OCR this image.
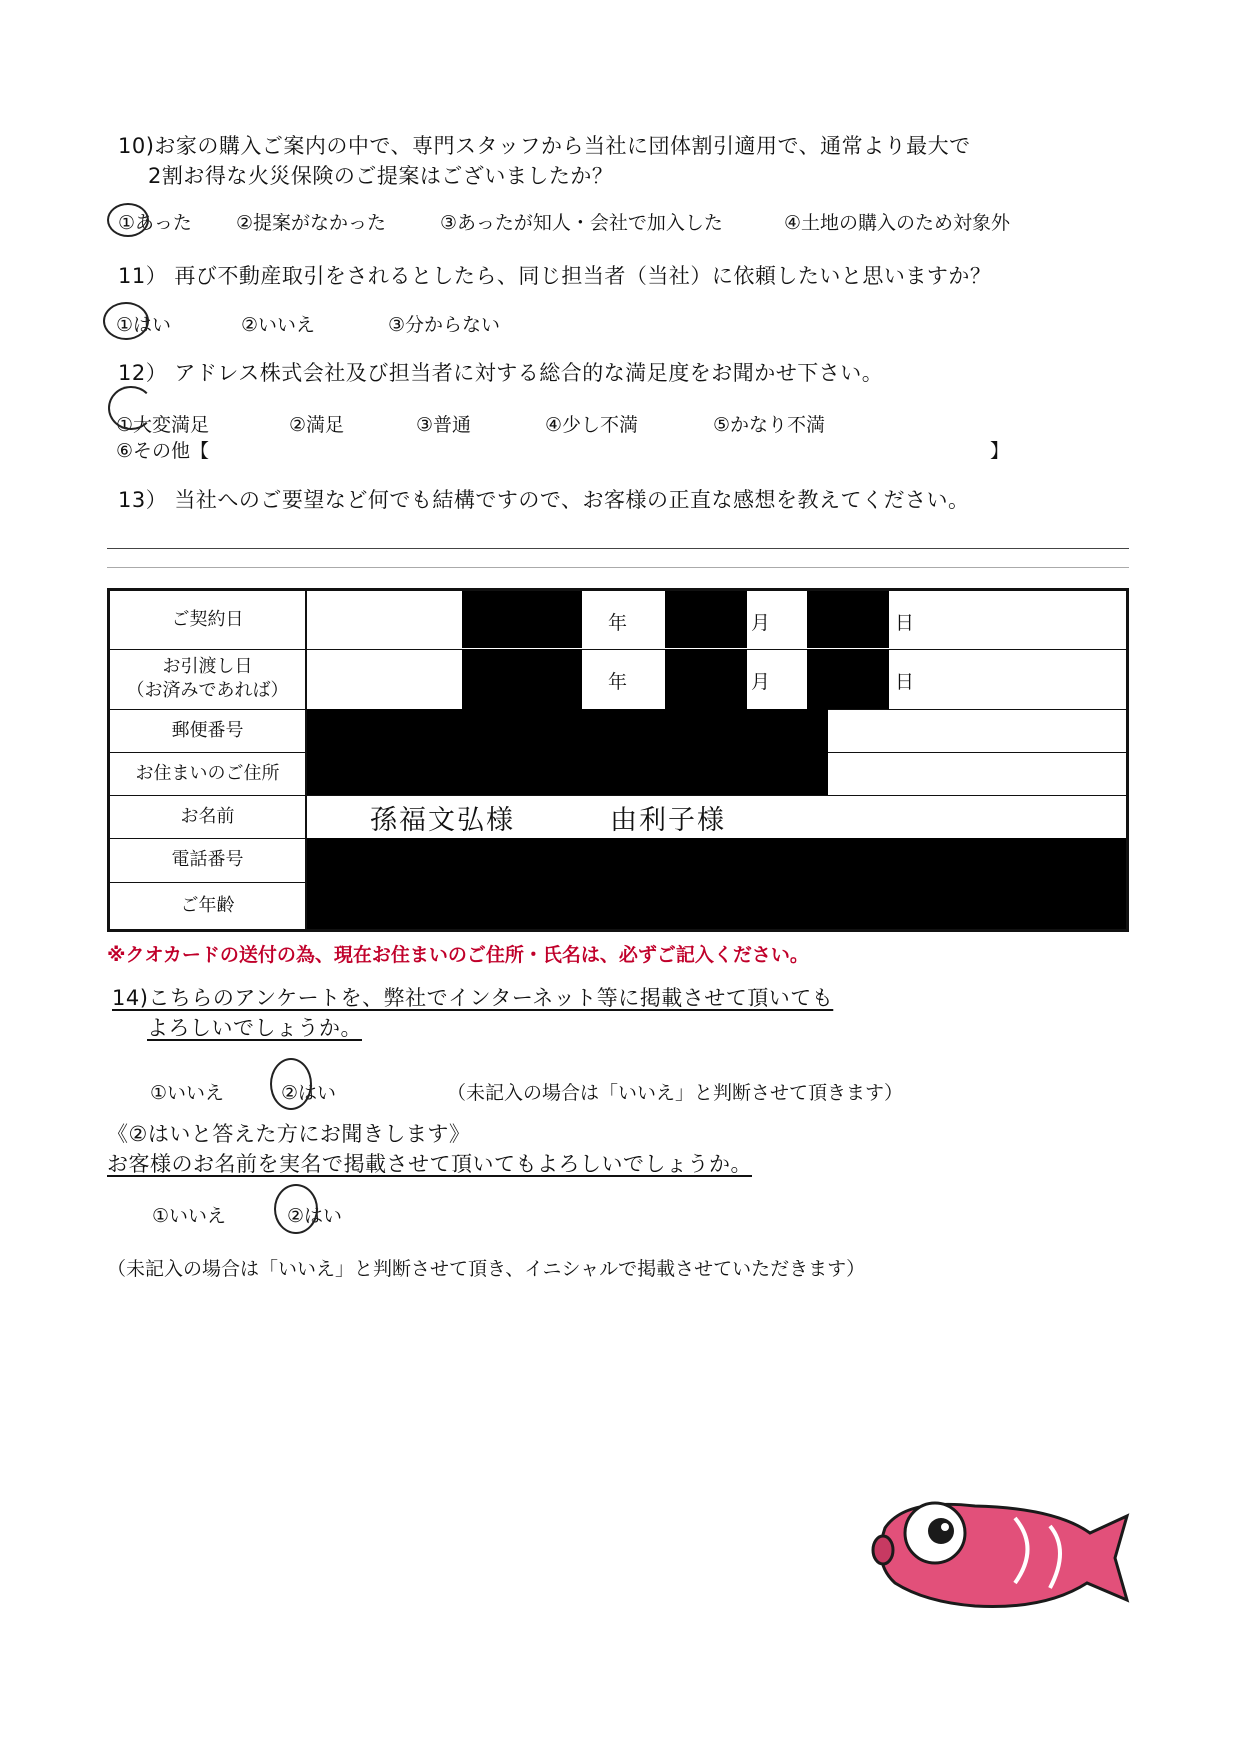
10)お家の購入ご案内の中で、専門スタッフから当社に団体割引適用で、通常より最大で
2割お得な火災保険のご提案はございましたか？
①あった ②提案がなかった	③あったが知人・会社で加入した	④土地の購入のため対象外
11） 再び不動産取引をされるとしたら、同じ担当者（当社）に依頼したいと思いますか？
①はい	②いいえ	③分からない
12） アドレス株式会社及び担当者に対する総合的な満足度をお聞かせ下さい。
①大変満足	②満足	③普通	④少し不満	⑤かなり不満
⑥その他【	】
13） 当社へのご要望など何でも結構ですので、お客様の正直な感想を教えてください。
ご契約日	年	月	日
お引渡し日
（お済みであれば）	年	月	日
郵便番号
お住まいのご住所
お名前	孫福文弘様	由利子様
電話番号
ご年齢
※クオカードの送付の為、現在お住まいのご住所・氏名は、必ずご記入ください。
14)こちらのアンケートを、弊社でインターネット等に掲載させて頂いても
よろしいでしょうか。
①いいえ	②はい	（未記入の場合は「いいえ」と判断させて頂きます）
《②はいと答えた方にお聞きします》
お客様のお名前を実名で掲載させて頂いてもよろしいでしょうか。
①いいえ	②はい
（未記入の場合は「いいえ」と判断させて頂き、イニシャルで掲載させていただきます）
